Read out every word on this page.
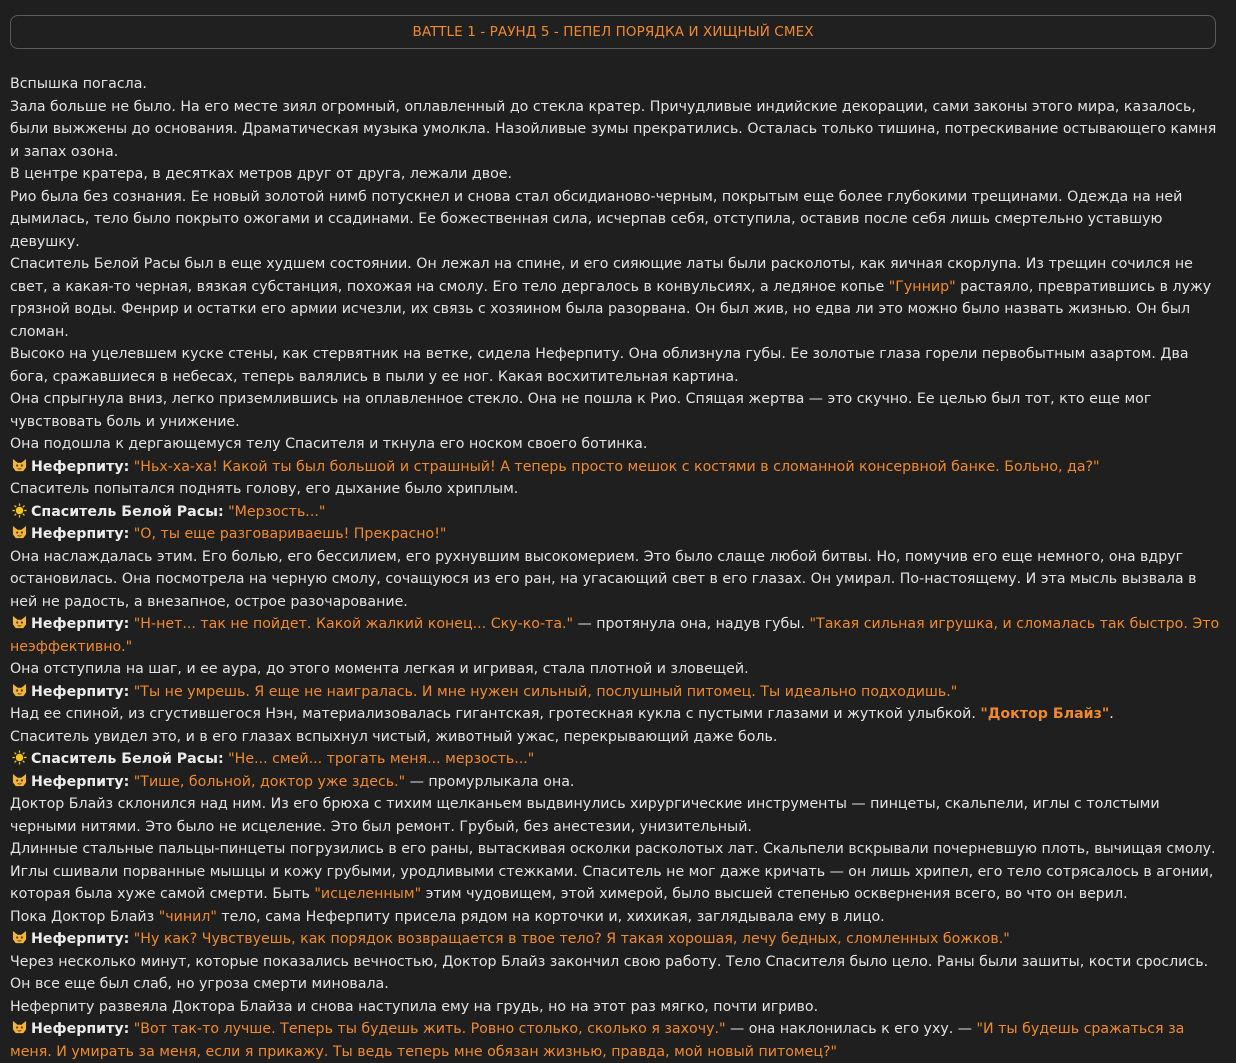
BATTLE 1 - РАУНД 5 - ПЕПЕЛ ПОРЯДКА И ХИЩНЫЙ СМЕХ

Вспышка погасла.

Зала больше не было. На его месте зиял огромный, оплавленный до стекла кратер. Причудливые индийские декорации, сами законы этого мира, казалось, были выжжены до основания. Драматическая музыка умолкла. Назойливые зумы прекратились. Осталась только тишина, потрескивание остывающего камня и запах озона.

В центре кратера, в десятках метров друг от друга, лежали двое.

Рио была без сознания. Ее новый золотой нимб потускнел и снова стал обсидианово-черным, покрытым еще более глубокими трещинами. Одежда на ней дымилась, тело было покрыто ожогами и ссадинами. Ее божественная сила, исчерпав себя, отступила, оставив после себя лишь смертельно уставшую девушку.

Спаситель Белой Расы был в еще худшем состоянии. Он лежал на спине, и его сияющие латы были расколоты, как яичная скорлупа. Из трещин сочился не свет, а какая-то черная, вязкая субстанция, похожая на смолу. Его тело дергалось в конвульсиях, а ледяное копье "Гуннир" растаяло, превратившись в лужу грязной воды. Фенрир и остатки его армии исчезли, их связь с хозяином была разорвана. Он был жив, но едва ли это можно было назвать жизнью. Он был сломан.

Высоко на уцелевшем куске стены, как стервятник на ветке, сидела Неферпиту. Она облизнула губы. Ее золотые глаза горели первобытным азартом. Два бога, сражавшиеся в небесах, теперь валялись в пыли у ее ног. Какая восхитительная картина.

Она спрыгнула вниз, легко приземлившись на оплавленное стекло. Она не пошла к Рио. Спящая жертва — это скучно. Ее целью был тот, кто еще мог чувствовать боль и унижение.

Она подошла к дергающемуся телу Спасителя и ткнула его носком своего ботинка.

Неферпиту: "Ньх-ха-ха! Какой ты был большой и страшный! А теперь просто мешок с костями в сломанной консервной банке. Больно, да?"

Спаситель попытался поднять голову, его дыхание было хриплым.

Спаситель Белой Расы: "Мерзость..."

Неферпиту: "О, ты еще разговариваешь! Прекрасно!"

Она наслаждалась этим. Его болью, его бессилием, его рухнувшим высокомерием. Это было слаще любой битвы. Но, помучив его еще немного, она вдруг остановилась. Она посмотрела на черную смолу, сочащуюся из его ран, на угасающий свет в его глазах. Он умирал. По-настоящему. И эта мысль вызвала в ней не радость, а внезапное, острое разочарование.

Неферпиту: "Н-нет... так не пойдет. Какой жалкий конец... Ску-ко-та." — протянула она, надув губы. "Такая сильная игрушка, и сломалась так быстро. Это неэффективно."

Она отступила на шаг, и ее аура, до этого момента легкая и игривая, стала плотной и зловещей.

Неферпиту: "Ты не умрешь. Я еще не наигралась. И мне нужен сильный, послушный питомец. Ты идеально подходишь."

Над ее спиной, из сгустившегося Нэн, материализовалась гигантская, гротескная кукла с пустыми глазами и жуткой улыбкой. "Доктор Блайз".

Спаситель увидел это, и в его глазах вспыхнул чистый, животный ужас, перекрывающий даже боль.

Спаситель Белой Расы: "Не... смей... трогать меня... мерзость..."

Неферпиту: "Тише, больной, доктор уже здесь." — промурлыкала она.

Доктор Блайз склонился над ним. Из его брюха с тихим щелканьем выдвинулись хирургические инструменты — пинцеты, скальпели, иглы с толстыми черными нитями. Это было не исцеление. Это был ремонт. Грубый, без анестезии, унизительный.

Длинные стальные пальцы-пинцеты погрузились в его раны, вытаскивая осколки расколотых лат. Скальпели вскрывали почерневшую плоть, вычищая смолу. Иглы сшивали порванные мышцы и кожу грубыми, уродливыми стежками. Спаситель не мог даже кричать — он лишь хрипел, его тело сотрясалось в агонии, которая была хуже самой смерти. Быть "исцеленным" этим чудовищем, этой химерой, было высшей степенью осквернения всего, во что он верил.

Пока Доктор Блайз "чинил" тело, сама Неферпиту присела рядом на корточки и, хихикая, заглядывала ему в лицо.

Неферпиту: "Ну как? Чувствуешь, как порядок возвращается в твое тело? Я такая хорошая, лечу бедных, сломленных божков."

Через несколько минут, которые показались вечностью, Доктор Блайз закончил свою работу. Тело Спасителя было цело. Раны были зашиты, кости срослись. Он все еще был слаб, но угроза смерти миновала.

Неферпиту развеяла Доктора Блайза и снова наступила ему на грудь, но на этот раз мягко, почти игриво.

Неферпиту: "Вот так-то лучше. Теперь ты будешь жить. Ровно столько, сколько я захочу." — она наклонилась к его уху. — "И ты будешь сражаться за меня. И умирать за меня, если я прикажу. Ты ведь теперь мне обязан жизнью, правда, мой новый питомец?"
